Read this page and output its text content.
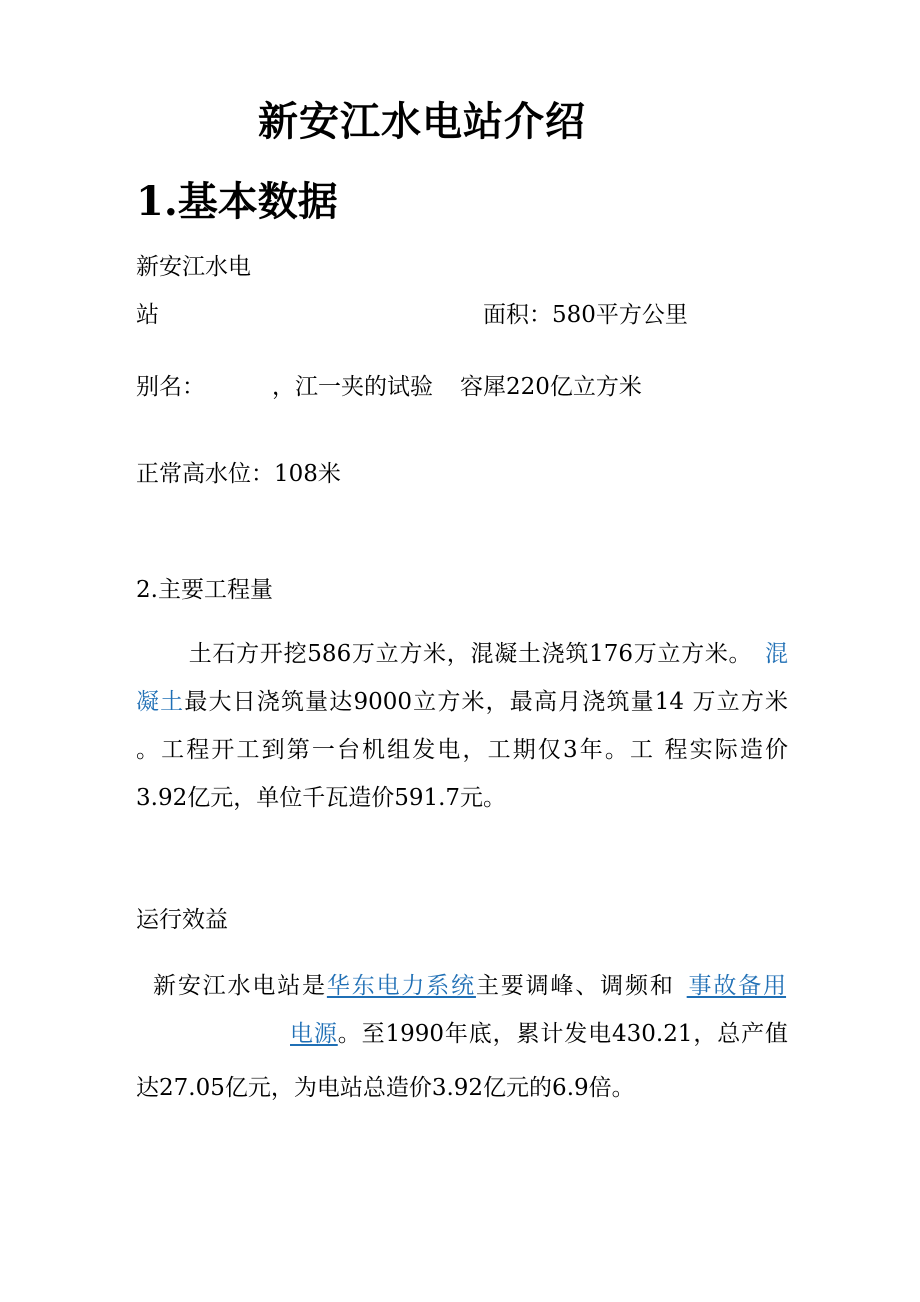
新安江水电站介绍
1.基本数据
新安江水电
站	面积：580平方公里
别名：	，江一夹的试验 容犀220亿立方米
正常高水位：108米
2.主要工程量
土石方开挖586万立方米，混凝土浇筑176万立方米。 混
凝土最大日浇筑量达9000立方米，最高月浇筑量14 万立方米
。工程开工到第一台机组发电，工期仅3年。工 程实际造价
3.92亿元，单位千瓦造价591.7元。
运行效益
新安江水电站是华东电力系统主要调峰、调频和 事故备用
电源。至1990年底，累计发电430.21，总产值
达27.05亿元，为电站总造价3.92亿元的6.9倍。
